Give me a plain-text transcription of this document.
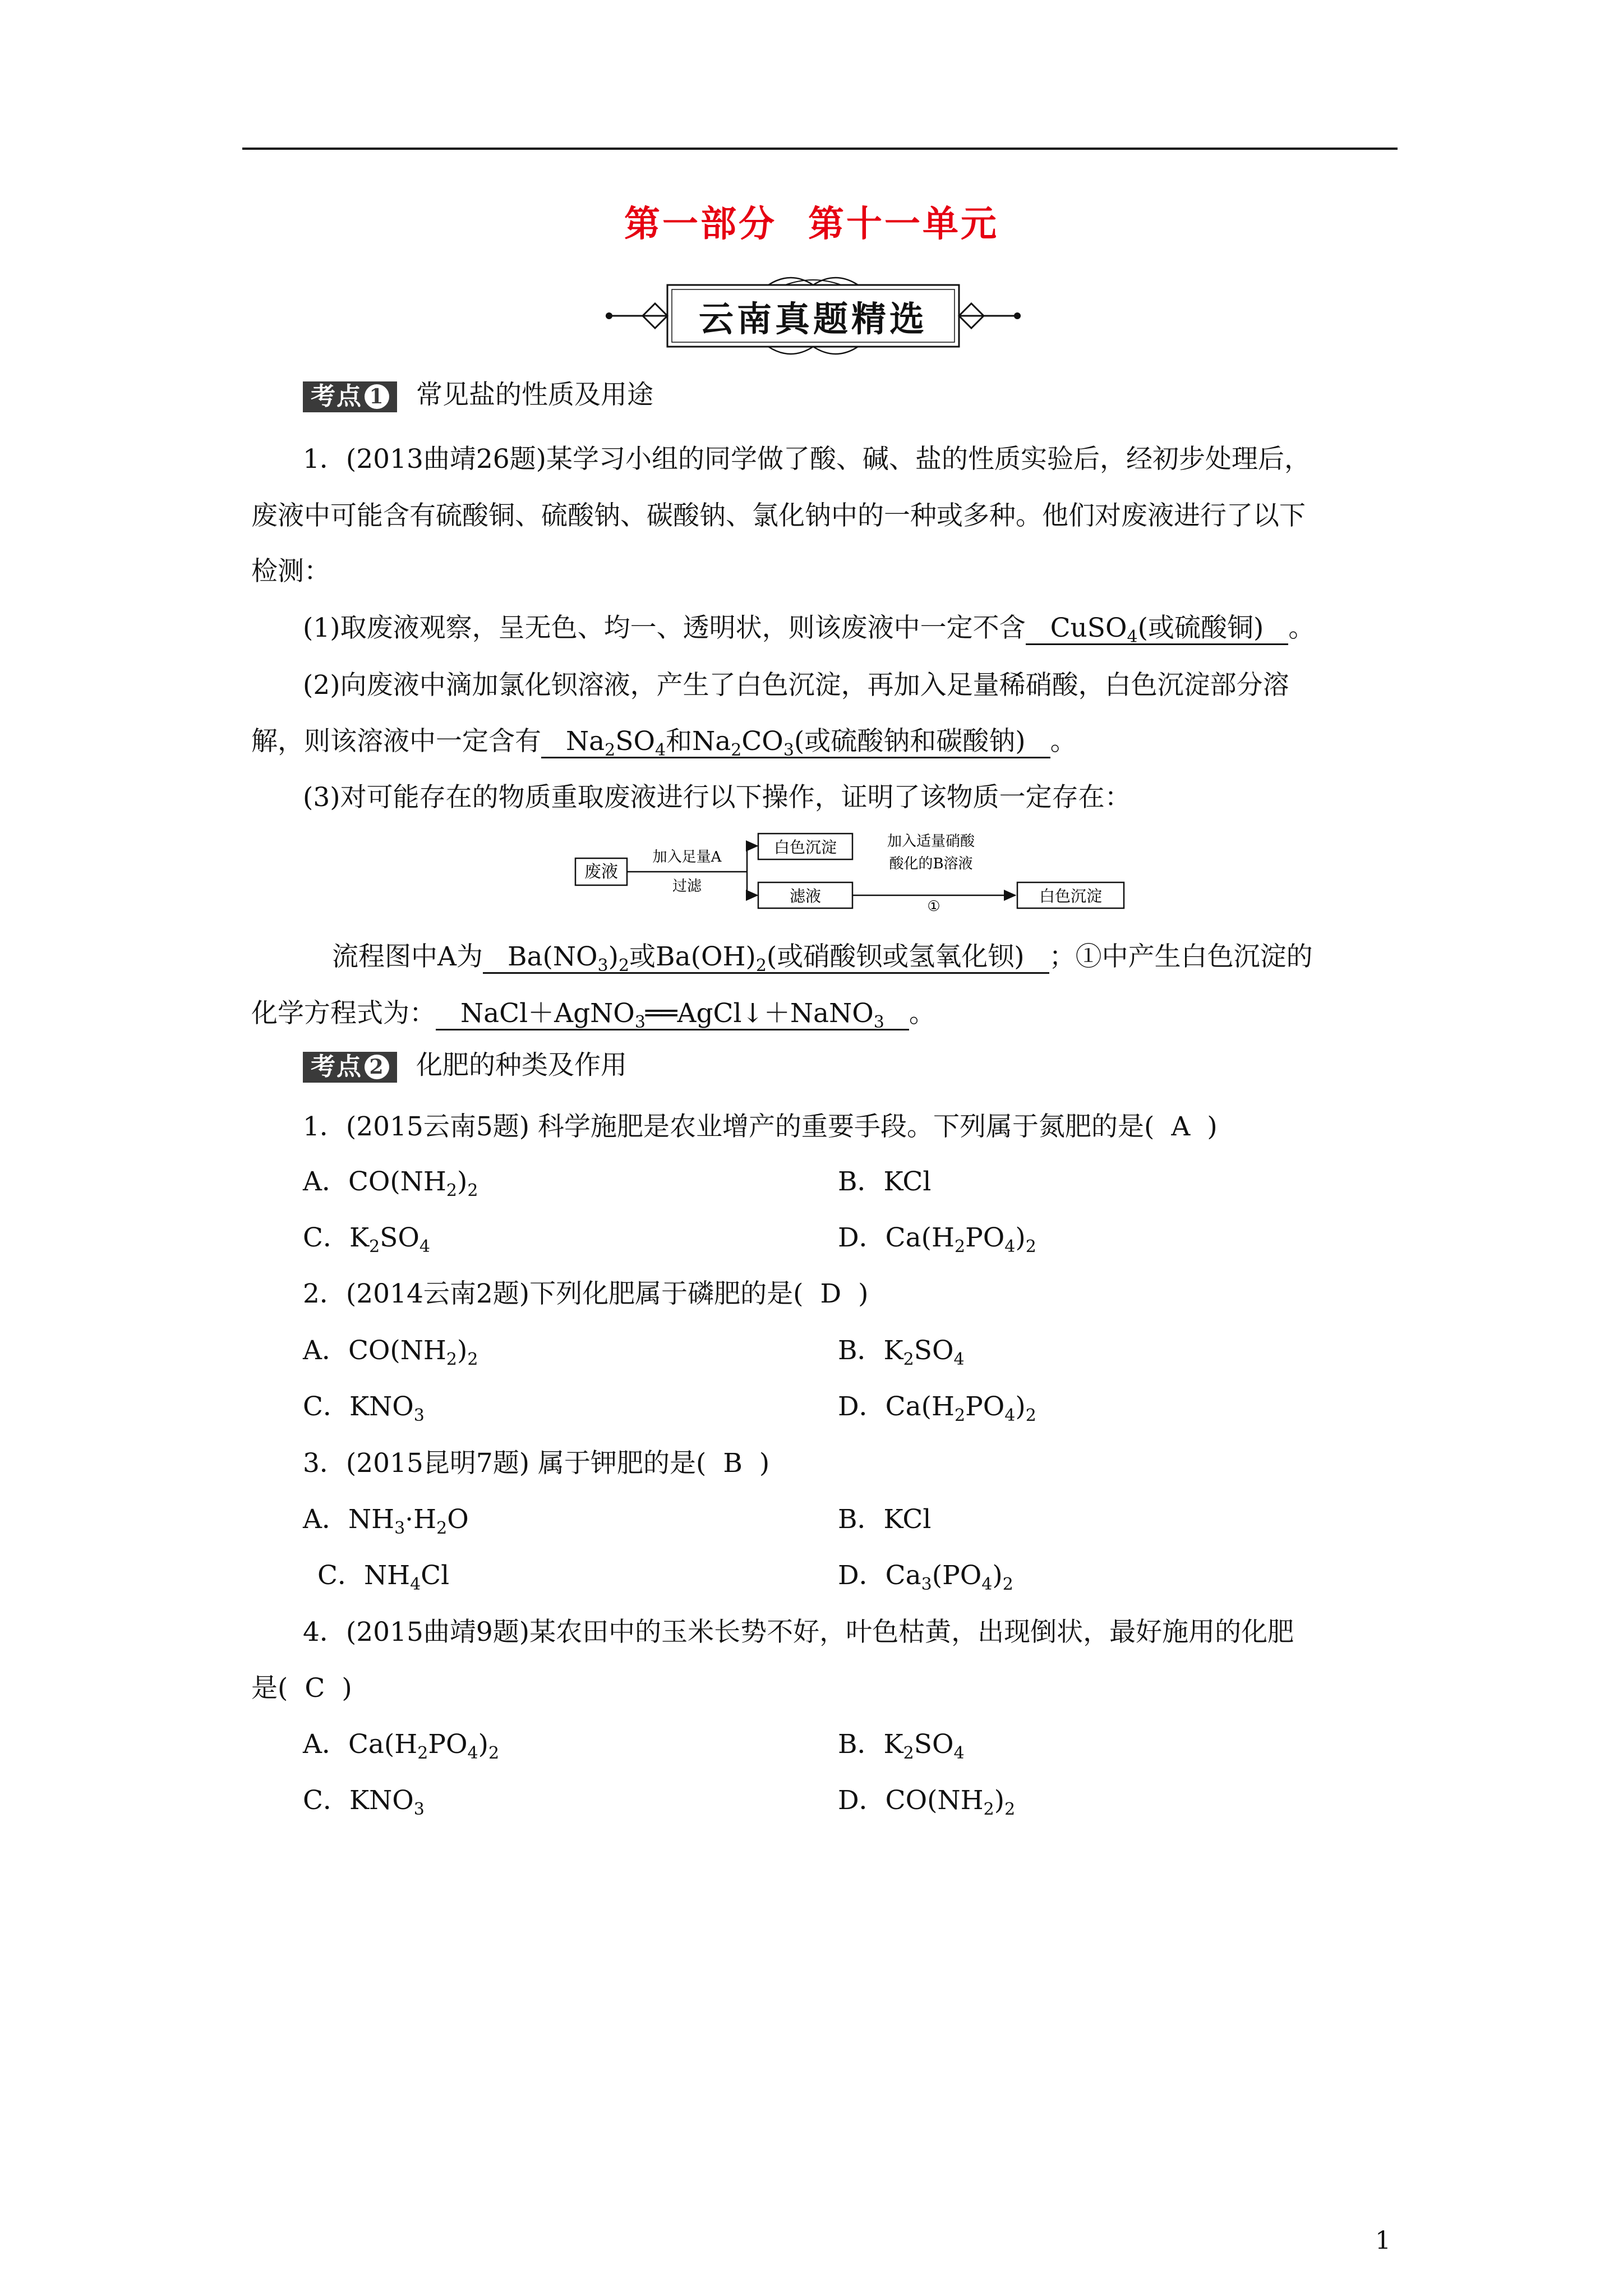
第一部分 第十一单元
云南真题精选
考点 1 常见盐的性质及用途
1．(2013曲靖26题)某学习小组的同学做了酸、碱、盐的性质实验后，经初步处理后，
废液中可能含有硫酸铜、硫酸钠、碳酸钠、氯化钠中的一种或多种。他们对废液进行了以下
检测：
(1)取废液观察，呈无色、均一、透明状，则该废液中一定不含 CuSO$_4$(或硫酸铜) 。
(2)向废液中滴加氯化钡溶液，产生了白色沉淀，再加入足量稀硝酸，白色沉淀部分溶
解，则该溶液中一定含有 $Na_2SO_4$和$Na_2CO_3$(或硫酸钠和碳酸钠) 。
(3)对可能存在的物质重取废液进行以下操作，证明了该物质一定存在：
废液
加入足量A
过滤
白色沉淀
滤液
加入适量硝酸
酸化的B溶液
①
白色沉淀
流程图中A为 $Ba(NO_3)_2$或$Ba(OH)_2$(或硝酸钡或氢氧化钡) ；①中产生白色沉淀的
化学方程式为： NaCl＋AgNO$_3$══AgCl↓＋NaNO$_3$ 。
考点 2 化肥的种类及作用
1．(2015云南5题) 科学施肥是农业增产的重要手段。下列属于氮肥的是( A )
A．$CO(NH_2)_2$	B．KCl
C．$K_2SO_4$	D．$Ca(H_2PO_4)_2$
2．(2014云南2题)下列化肥属于磷肥的是( D )
A．$CO(NH_2)_2$	B．$K_2SO_4$
C．$KNO_3$	D．$Ca(H_2PO_4)_2$
3．(2015昆明7题) 属于钾肥的是( B )
A．$NH_3\cdot H_2O$	B．KCl
C．$NH_4Cl$	D．$Ca_3(PO_4)_2$
4．(2015曲靖9题)某农田中的玉米长势不好，叶色枯黄，出现倒状，最好施用的化肥
是( C )
A．$Ca(H_2PO_4)_2$	B．$K_2SO_4$
C．$KNO_3$	D．$CO(NH_2)_2$
1
